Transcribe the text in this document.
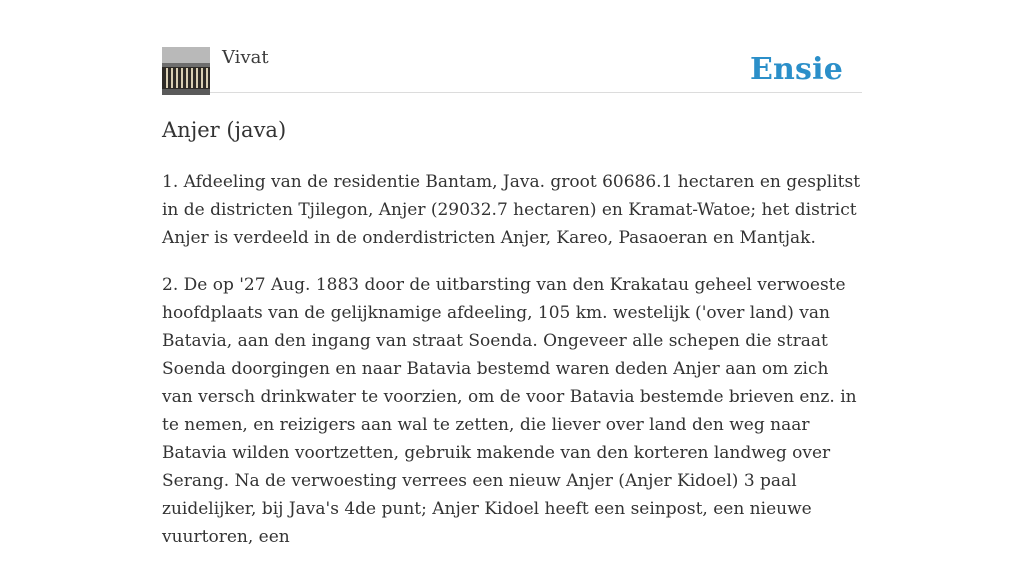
Vivat	Ensie
Anjer (java)

1. Afdeeling van de residentie Bantam, Java. groot 60686.1 hectaren en gesplitst in de districten Tjilegon, Anjer (29032.7 hectaren) en Kramat-Watoe; het district Anjer is verdeeld in de onderdistricten Anjer, Kareo, Pasaoeran en Mantjak.

2. De op '27 Aug. 1883 door de uitbarsting van den Krakatau geheel verwoeste hoofdplaats van de gelijknamige afdeeling, 105 km. westelijk ('over land) van Batavia, aan den ingang van straat Soenda. Ongeveer alle schepen die straat Soenda doorgingen en naar Batavia bestemd waren deden Anjer aan om zich van versch drinkwater te voorzien, om de voor Batavia bestemde brieven enz. in te nemen, en reizigers aan wal te zetten, die liever over land den weg naar Batavia wilden voortzetten, gebruik makende van den korteren landweg over Serang. Na de verwoesting verrees een nieuw Anjer (Anjer Kidoel) 3 paal zuidelijker, bij Java's 4de punt; Anjer Kidoel heeft een seinpost, een nieuwe vuurtoren, een
